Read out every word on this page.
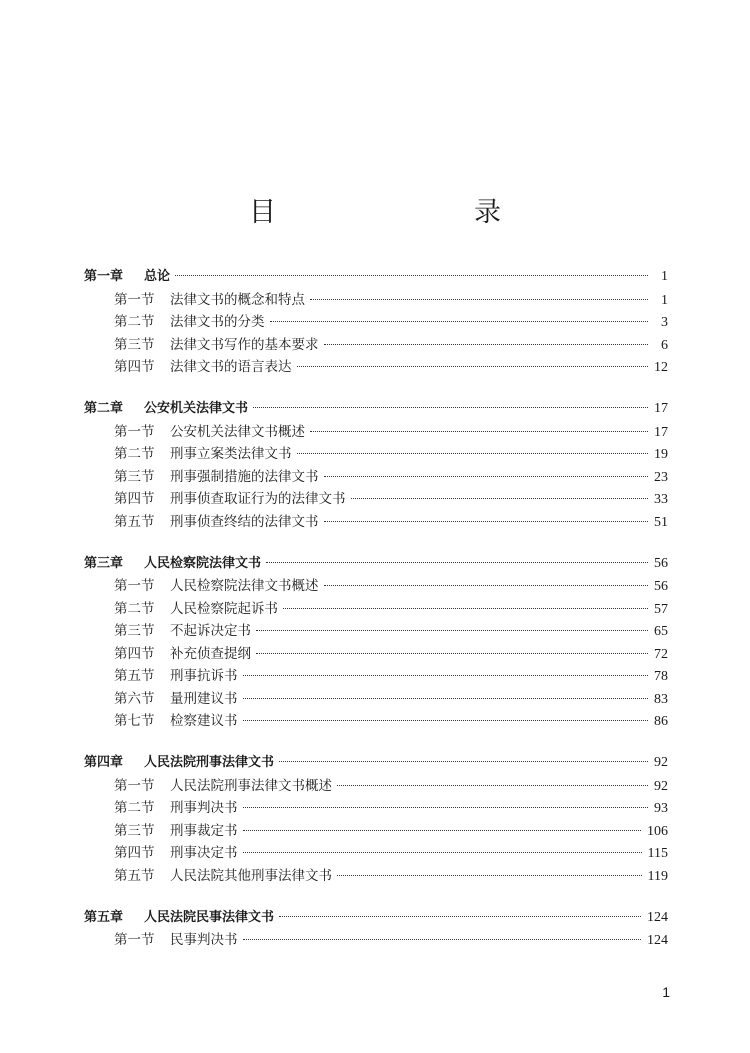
目　　录
第一章	总论	1
第一节	法律文书的概念和特点	1
第二节	法律文书的分类	3
第三节	法律文书写作的基本要求	6
第四节	法律文书的语言表达	12
第二章	公安机关法律文书	17
第一节	公安机关法律文书概述	17
第二节	刑事立案类法律文书	19
第三节	刑事强制措施的法律文书	23
第四节	刑事侦查取证行为的法律文书	33
第五节	刑事侦查终结的法律文书	51
第三章	人民检察院法律文书	56
第一节	人民检察院法律文书概述	56
第二节	人民检察院起诉书	57
第三节	不起诉决定书	65
第四节	补充侦查提纲	72
第五节	刑事抗诉书	78
第六节	量刑建议书	83
第七节	检察建议书	86
第四章	人民法院刑事法律文书	92
第一节	人民法院刑事法律文书概述	92
第二节	刑事判决书	93
第三节	刑事裁定书	106
第四节	刑事决定书	115
第五节	人民法院其他刑事法律文书	119
第五章	人民法院民事法律文书	124
第一节	民事判决书	124
1
